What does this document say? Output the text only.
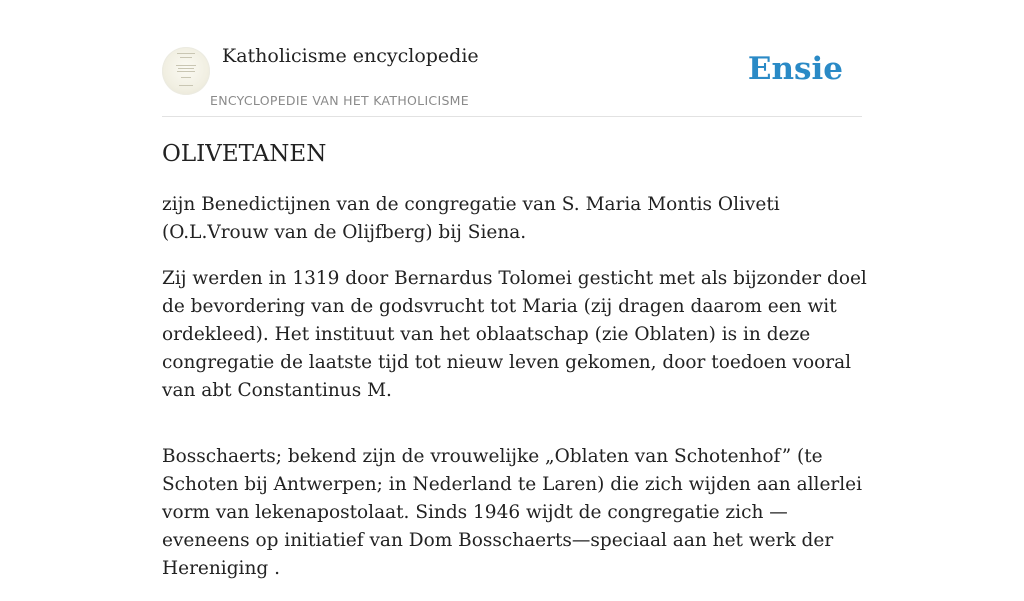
Katholicisme encyclopedie
ENCYCLOPEDIE VAN HET KATHOLICISME
Ensie
OLIVETANEN

zijn Benedictijnen van de congregatie van S. Maria Montis Oliveti (O.L.Vrouw van de Olijfberg) bij Siena.

Zij werden in 1319 door Bernardus Tolomei gesticht met als bijzonder doel de bevordering van de godsvrucht tot Maria (zij dragen daarom een wit ordekleed). Het instituut van het oblaatschap (zie Oblaten) is in deze congregatie de laatste tijd tot nieuw leven gekomen, door toedoen vooral van abt Constantinus M.

Bosschaerts; bekend zijn de vrouwelijke „Oblaten van Schotenhof” (te Schoten bij Antwerpen; in Nederland te Laren) die zich wijden aan allerlei vorm van lekenapostolaat. Sinds 1946 wijdt de congregatie zich — eveneens op initiatief van Dom Bosschaerts—speciaal aan het werk der Hereniging .
